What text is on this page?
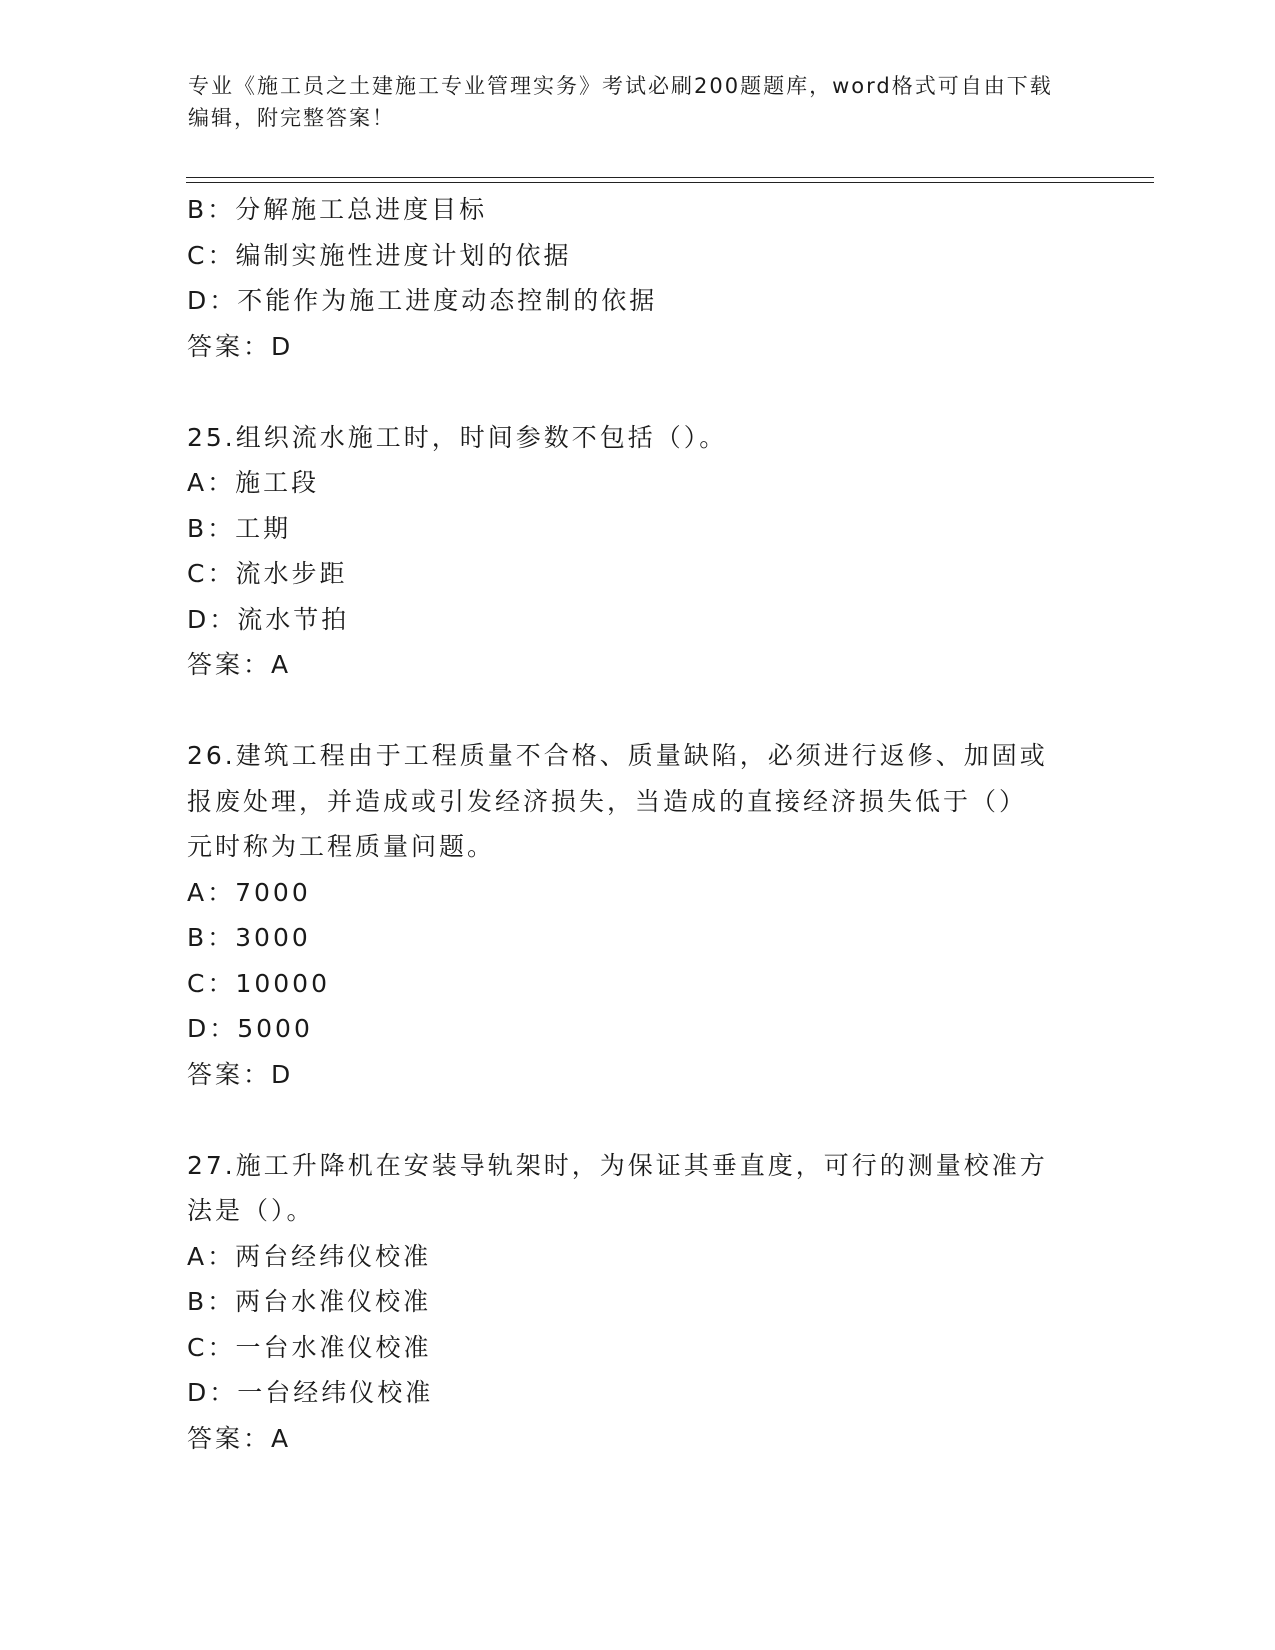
专业《施工员之土建施工专业管理实务》考试必刷200题题库，word格式可自由下载编辑，附完整答案！
B：分解施工总进度目标
C：编制实施性进度计划的依据
D：不能作为施工进度动态控制的依据
答案：D
25.组织流水施工时，时间参数不包括（）。
A：施工段
B：工期
C：流水步距
D：流水节拍
答案：A
26.建筑工程由于工程质量不合格、质量缺陷，必须进行返修、加固或
报废处理，并造成或引发经济损失，当造成的直接经济损失低于（）
元时称为工程质量问题。
A：7000
B：3000
C：10000
D：5000
答案：D
27.施工升降机在安装导轨架时，为保证其垂直度，可行的测量校准方
法是（）。
A：两台经纬仪校准
B：两台水准仪校准
C：一台水准仪校准
D：一台经纬仪校准
答案：A
